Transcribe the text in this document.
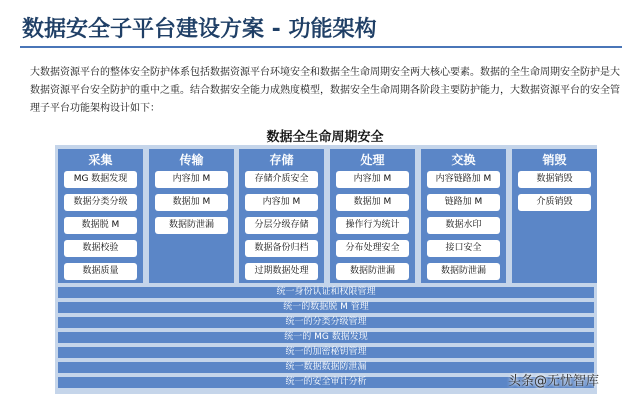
数据安全子平台建设方案 - 功能架构
大数据资源平台的整体安全防护体系包括数据资源平台环境安全和数据全生命周期安全两大核心要素。数据的全生命周期安全防护是大数据资源平台安全防护的重中之重。结合数据安全能力成熟度模型，数据安全生命周期各阶段主要防护能力，大数据资源平台的安全管理子平台功能架构设计如下：
数据全生命周期安全
采集
MG 数据发现
数据分类分级
数据脱 M
数据校验
数据质量
传输
内容加 M
数据加 M
数据防泄漏
存储
存储介质安全
内容加 M
分层分级存储
数据备份归档
过期数据处理
处理
内容加 M
数据加 M
操作行为统计
分布处理安全
数据防泄漏
交换
内容链路加 M
链路加 M
数据水印
接口安全
数据防泄漏
销毁
数据销毁
介质销毁
统一身份认证和权限管理
统一的数据脱 M 管理
统一的分类分级管理
统一的 MG 数据发现
统一的加密秘钥管理
统一数据数据防泄漏
统一的安全审计分析	头条@无忧智库
